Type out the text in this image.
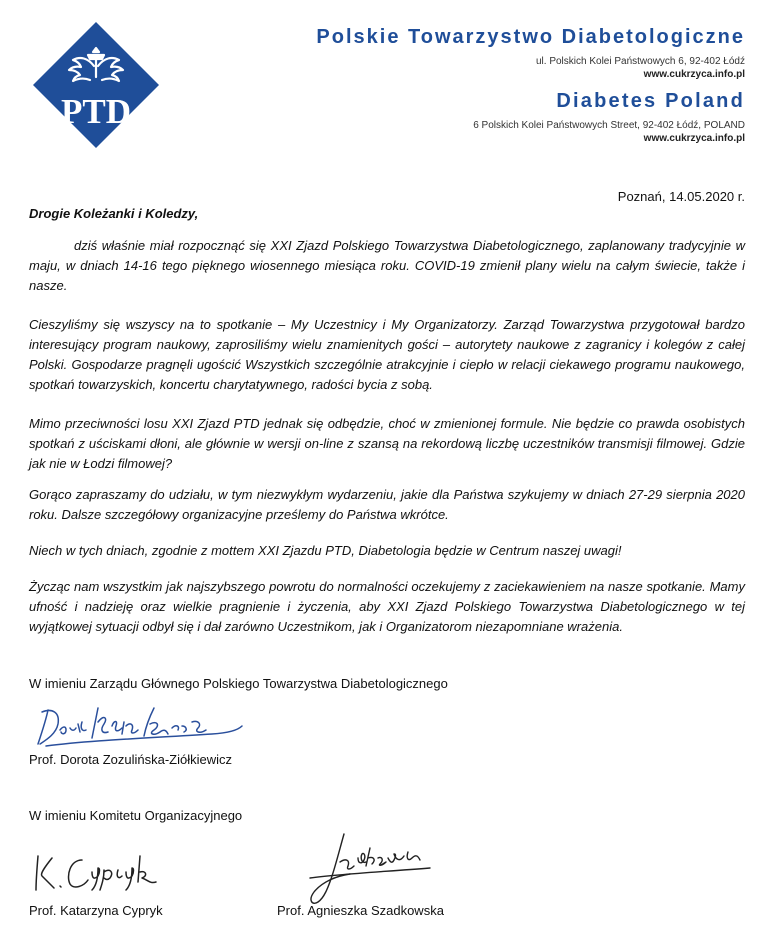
PTD
Polskie Towarzystwo Diabetologiczne
ul. Polskich Kolei Państwowych 6, 92-402 Łódź
www.cukrzyca.info.pl
Diabetes Poland
6 Polskich Kolei Państwowych Street, 92-402 Łódź, POLAND
www.cukrzyca.info.pl
Poznań, 14.05.2020 r.
Drogie Koleżanki i Koledzy,

dziś właśnie miał rozpocznąć się XXI Zjazd Polskiego Towarzystwa Diabetologicznego, zaplanowany tradycyjnie w maju, w dniach 14-16 tego pięknego wiosennego miesiąca roku. COVID-19 zmienił plany wielu na całym świecie, także i nasze.

Cieszyliśmy się wszyscy na to spotkanie – My Uczestnicy i My Organizatorzy. Zarząd Towarzystwa przygotował bardzo interesujący program naukowy, zaprosiliśmy wielu znamienitych gości – autorytety naukowe z zagranicy i kolegów z całej Polski. Gospodarze pragnęli ugościć Wszystkich szczególnie atrakcyjnie i ciepło w relacji ciekawego programu naukowego, spotkań towarzyskich, koncertu charytatywnego, radości bycia z sobą.

Mimo przeciwności losu XXI Zjazd PTD jednak się odbędzie, choć w zmienionej formule. Nie będzie co prawda osobistych spotkań z uściskami dłoni, ale głównie w wersji on-line z szansą na rekordową liczbę uczestników transmisji filmowej. Gdzie jak nie w Łodzi filmowej?

Gorąco zapraszamy do udziału, w tym niezwykłym wydarzeniu, jakie dla Państwa szykujemy w dniach 27-29 sierpnia 2020 roku. Dalsze szczegółowy organizacyjne prześlemy do Państwa wkrótce.

Niech w tych dniach, zgodnie z mottem XXI Zjazdu PTD, Diabetologia będzie w Centrum naszej uwagi!

Życząc nam wszystkim jak najszybszego powrotu do normalności oczekujemy z zaciekawieniem na nasze spotkanie. Mamy ufność i nadzieję oraz wielkie pragnienie i życzenia, aby XXI Zjazd Polskiego Towarzystwa Diabetologicznego w tej wyjątkowej sytuacji odbył się i dał zarówno Uczestnikom, jak i Organizatorom niezapomniane wrażenia.

W imieniu Zarządu Głównego Polskiego Towarzystwa Diabetologicznego
Prof. Dorota Zozulińska-Ziółkiewicz
W imieniu Komitetu Organizacyjnego
Prof. Katarzyna Cypryk	Prof. Agnieszka Szadkowska
